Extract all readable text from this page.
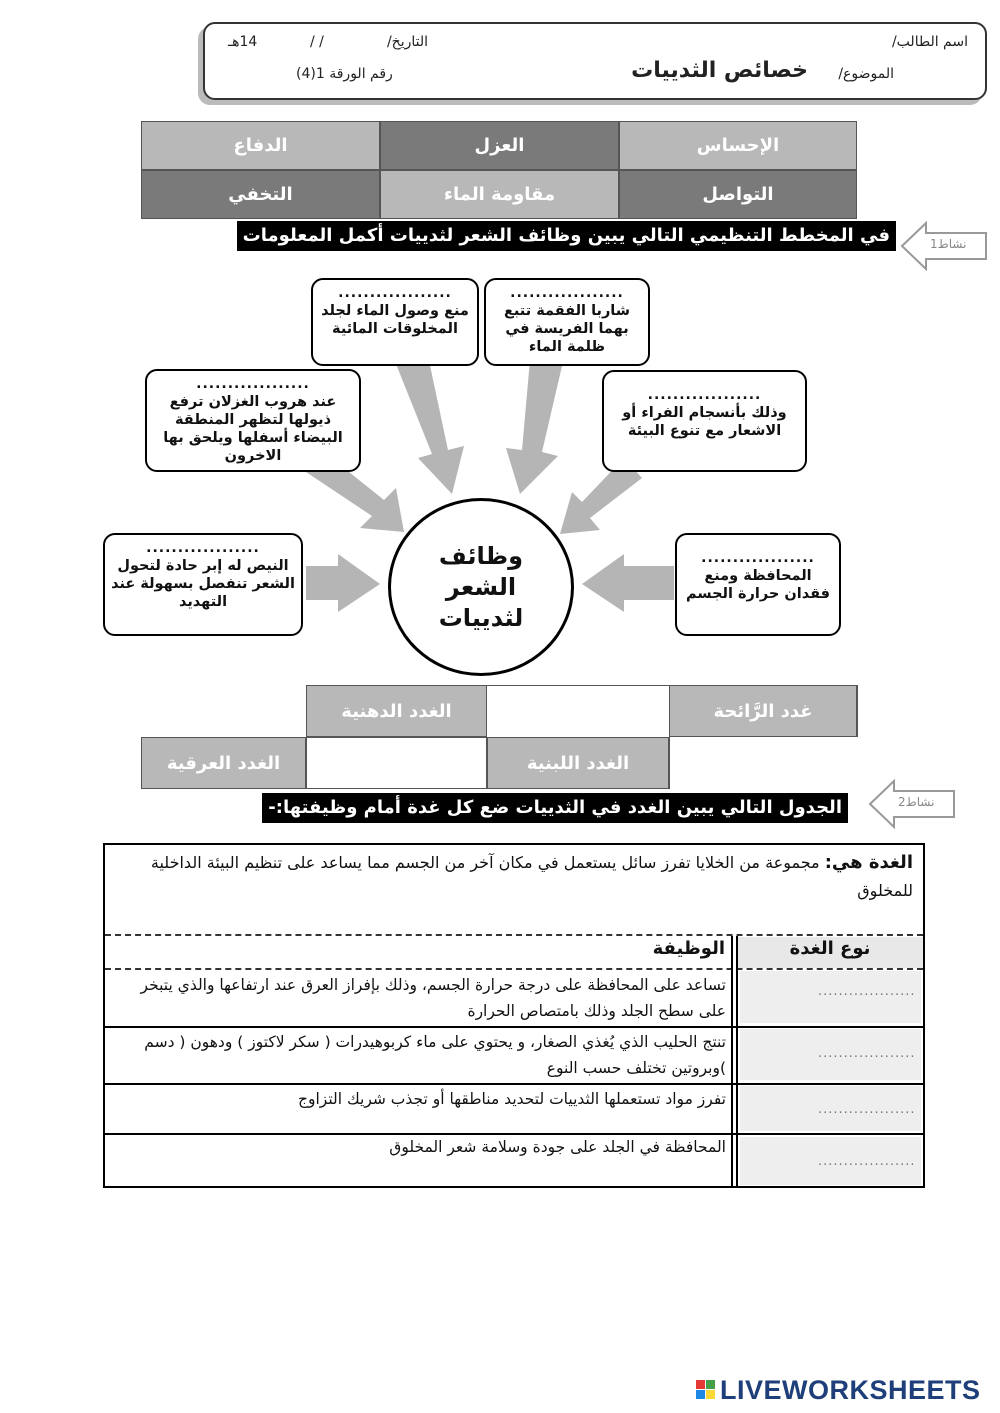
اسم الطالب/
التاريخ/
/ /
14هـ
الموضوع/
خصائص الثدييات
رقم الورقة 1(4)
الإحساس
العزل
الدفاع
التواصل
مقاومة الماء
التخفي
في المخطط التنظيمي التالي يبين وظائف الشعر لثدييات أكمل المعلومات	نشاط1
..................
منع وصول الماء لجلد المخلوقات المائية
..................
شاربا الفقمة تتبع بهما الفريسة في ظلمة الماء
..................
عند هروب الغزلان ترفع ذيولها لتظهر المنطقة البيضاء أسفلها ويلحق بها الاخرون
..................
وذلك بأنسجام الفراء أو الاشعار مع تنوع البيئة
..................
النيص له إبر حادة لتحول الشعر تنفصل بسهولة عند التهديد
..................
المحافظة ومنع فقدان حرارة الجسم
وظائف الشعر لثدييات
غدد الرَّائحة
الغدد الدهنية
الغدد اللبنية
الغدد العرقية
الجدول التالي يبين الغدد في الثدييات ضع كل غدة أمام وظيفتها:-	نشاط2
الغدة هي: مجموعة من الخلايا تفرز سائل يستعمل في مكان آخر من الجسم مما يساعد على تنظيم البيئة الداخلية للمخلوق
نوع الغدة
الوظيفة
تساعد على المحافظة على درجة حرارة الجسم، وذلك بإفراز العرق عند ارتفاعها والذي يتبخر على سطح الجلد وذلك بامتصاص الحرارة
...................
تنتج الحليب الذي يُغذي الصغار، و يحتوي على ماء كربوهيدرات ( سكر لاكتوز ) ودهون ( دسم )وبروتين تختلف حسب النوع
...................
تفرز مواد تستعملها الثدييات لتحديد مناطقها أو تجذب شريك التزاوج
...................
المحافظة في الجلد على جودة وسلامة شعر المخلوق
...................
LIVEWORKSHEETS
